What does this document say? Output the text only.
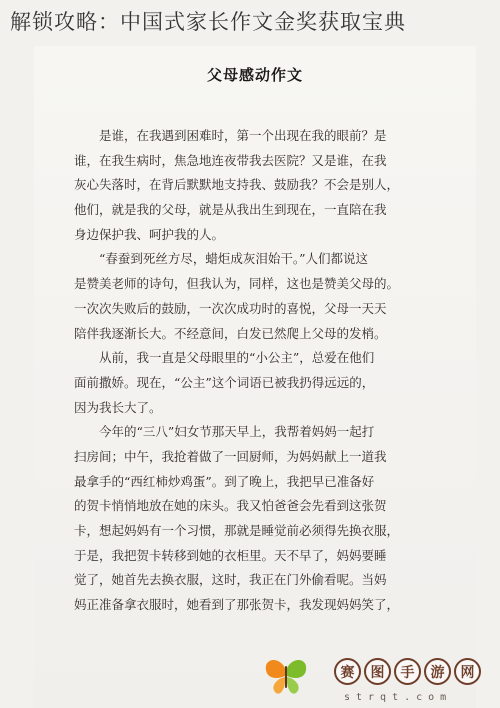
解锁攻略：中国式家长作文金奖获取宝典
父母感动作文
　　是谁，在我遇到困难时，第一个出现在我的眼前？是
谁，在我生病时，焦急地连夜带我去医院？又是谁，在我
灰心失落时，在背后默默地支持我、鼓励我？不会是别人，
他们，就是我的父母，就是从我出生到现在，一直陪在我
身边保护我、呵护我的人。
　　“春蚕到死丝方尽，蜡炬成灰泪始干。”人们都说这
是赞美老师的诗句，但我认为，同样，这也是赞美父母的。
一次次失败后的鼓励，一次次成功时的喜悦，父母一天天
陪伴我逐渐长大。不经意间，白发已然爬上父母的发梢。
　　从前，我一直是父母眼里的“小公主”，总爱在他们
面前撒娇。现在，“公主”这个词语已被我扔得远远的，
因为我长大了。
　　今年的“三八”妇女节那天早上，我帮着妈妈一起打
扫房间；中午，我抢着做了一回厨师，为妈妈献上一道我
最拿手的“西红柿炒鸡蛋”。到了晚上，我把早已准备好
的贺卡悄悄地放在她的床头。我又怕爸爸会先看到这张贺
卡，想起妈妈有一个习惯，那就是睡觉前必须得先换衣服，
于是，我把贺卡转移到她的衣柜里。天不早了，妈妈要睡
觉了，她首先去换衣服，这时，我正在门外偷看呢。当妈
妈正准备拿衣服时，她看到了那张贺卡，我发现妈妈笑了，
赛	图	手	游	网
strqt.com
